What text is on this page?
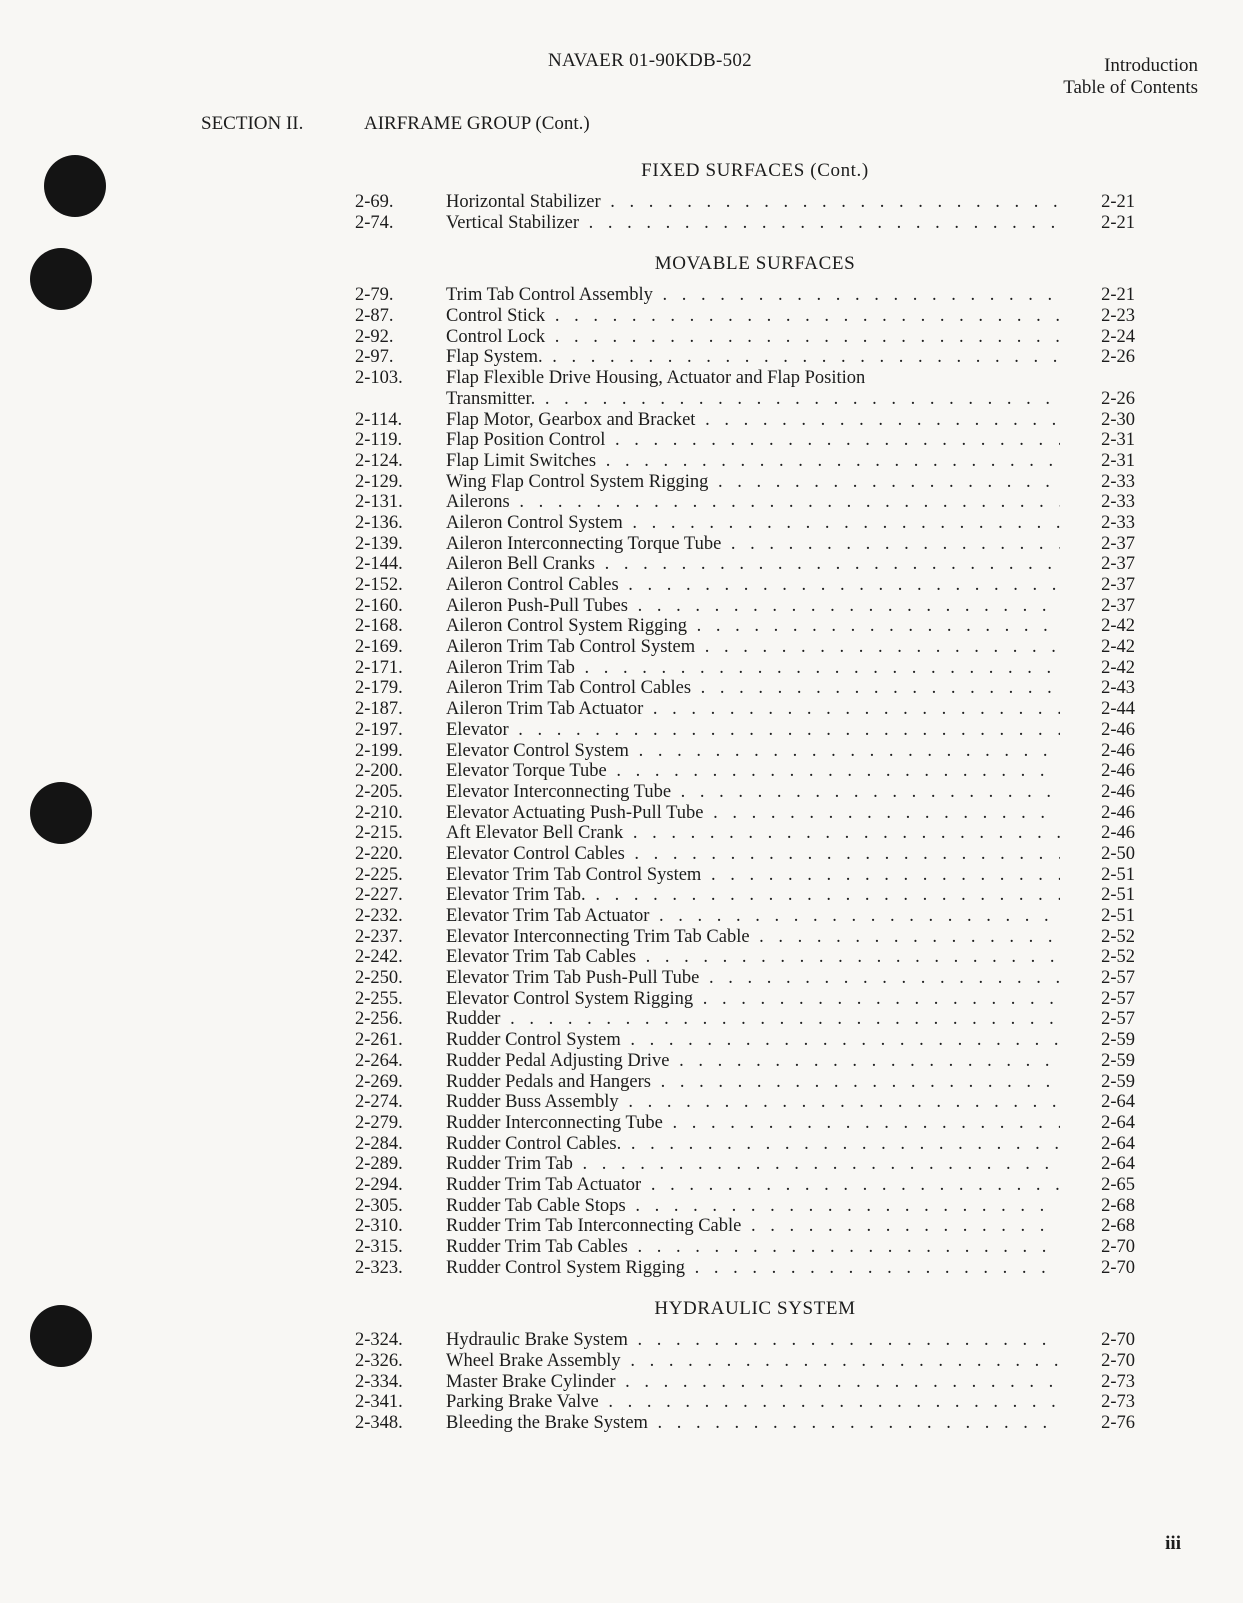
NAVAER 01-90KDB-502	Introduction
Table of Contents
SECTION II.	AIRFRAME GROUP (Cont.)
FIXED SURFACES (Cont.)
2-69.	Horizontal Stabilizer . . .	2-21
2-74.	Vertical Stabilizer . . .	2-21
MOVABLE SURFACES
2-79.	Trim Tab Control Assembly . . .	2-21
2-87.	Control Stick . . .	2-23
2-92.	Control Lock . . .	2-24
2-97.	Flap System. . . .	2-26
2-103. Flap Flexible Drive Housing, Actuator and Flap Position
Transmitter. . . .	2-26
2-114. Flap Motor, Gearbox and Bracket . . .	2-30
2-119. Flap Position Control . . .	2-31
2-124. Flap Limit Switches . . .	2-31
2-129. Wing Flap Control System Rigging . . .	2-33
2-131. Ailerons . . .	2-33
2-136. Aileron Control System . . .	2-33
2-139. Aileron Interconnecting Torque Tube . . .	2-37
2-144. Aileron Bell Cranks . . .	2-37
2-152. Aileron Control Cables . . .	2-37
2-160. Aileron Push-Pull Tubes . . .	2-37
2-168. Aileron Control System Rigging . . .	2-42
2-169. Aileron Trim Tab Control System . . .	2-42
2-171. Aileron Trim Tab . . .	2-42
2-179. Aileron Trim Tab Control Cables . . .	2-43
2-187. Aileron Trim Tab Actuator . . .	2-44
2-197. Elevator . . .	2-46
2-199. Elevator Control System . . .	2-46
2-200. Elevator Torque Tube . . .	2-46
2-205. Elevator Interconnecting Tube . . .	2-46
2-210. Elevator Actuating Push-Pull Tube . . .	2-46
2-215. Aft Elevator Bell Crank . . .	2-46
2-220. Elevator Control Cables . . .	2-50
2-225. Elevator Trim Tab Control System . . .	2-51
2-227. Elevator Trim Tab. . . .	2-51
2-232. Elevator Trim Tab Actuator . . .	2-51
2-237. Elevator Interconnecting Trim Tab Cable . . .	2-52
2-242. Elevator Trim Tab Cables . . .	2-52
2-250. Elevator Trim Tab Push-Pull Tube . . .	2-57
2-255. Elevator Control System Rigging . . .	2-57
2-256. Rudder . . .	2-57
2-261. Rudder Control System . . .	2-59
2-264. Rudder Pedal Adjusting Drive . . .	2-59
2-269. Rudder Pedals and Hangers . . .	2-59
2-274. Rudder Buss Assembly . . .	2-64
2-279. Rudder Interconnecting Tube . . .	2-64
2-284. Rudder Control Cables. . . .	2-64
2-289. Rudder Trim Tab . . .	2-64
2-294. Rudder Trim Tab Actuator . . .	2-65
2-305. Rudder Tab Cable Stops . . .	2-68
2-310. Rudder Trim Tab Interconnecting Cable . . .	2-68
2-315. Rudder Trim Tab Cables . . .	2-70
2-323. Rudder Control System Rigging . . .	2-70
HYDRAULIC SYSTEM
2-324. Hydraulic Brake System . . .	2-70
2-326. Wheel Brake Assembly . . .	2-70
2-334. Master Brake Cylinder . . .	2-73
2-341. Parking Brake Valve . . .	2-73
2-348. Bleeding the Brake System . . .	2-76
iii
